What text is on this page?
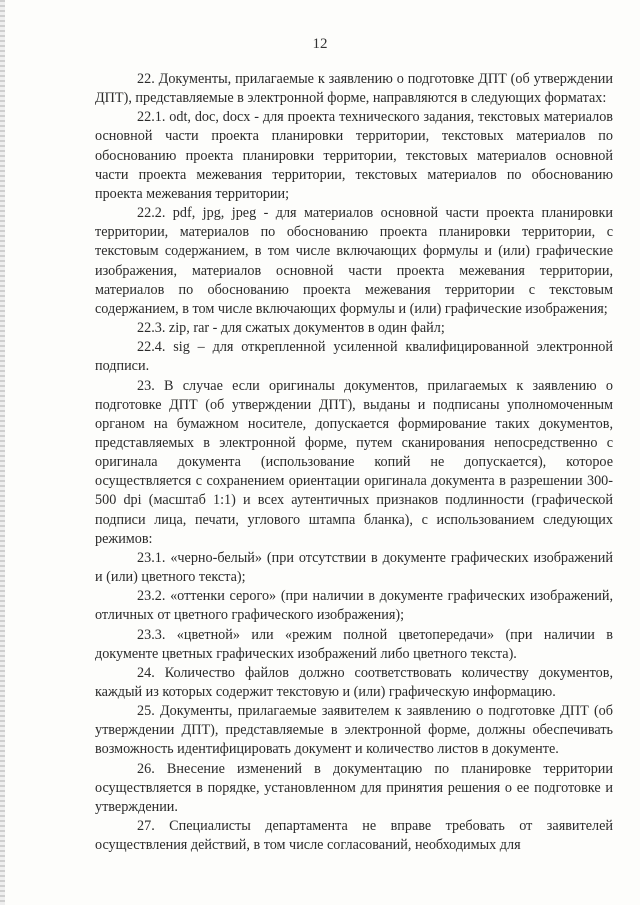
12

22. Документы, прилагаемые к заявлению о подготовке ДПТ (об утверждении ДПТ), представляемые в электронной форме, направляются в следующих форматах:

22.1. odt, doc, docx - для проекта технического задания, текстовых материалов основной части проекта планировки территории, текстовых материалов по обоснованию проекта планировки территории, текстовых материалов основной части проекта межевания территории, текстовых материалов по обоснованию проекта межевания территории;

22.2. pdf, jpg, jpeg - для материалов основной части проекта планировки территории, материалов по обоснованию проекта планировки территории, с текстовым содержанием, в том числе включающих формулы и (или) графические изображения, материалов основной части проекта межевания территории, материалов по обоснованию проекта межевания территории с текстовым содержанием, в том числе включающих формулы и (или) графические изображения;

22.3. zip, rar - для сжатых документов в один файл;

22.4. sig – для открепленной усиленной квалифицированной электронной подписи.

23. В случае если оригиналы документов, прилагаемых к заявлению о подготовке ДПТ (об утверждении ДПТ), выданы и подписаны уполномоченным органом на бумажном носителе, допускается формирование таких документов, представляемых в электронной форме, путем сканирования непосредственно с оригинала документа (использование копий не допускается), которое осуществляется с сохранением ориентации оригинала документа в разрешении 300-500 dpi (масштаб 1:1) и всех аутентичных признаков подлинности (графической подписи лица, печати, углового штампа бланка), с использованием следующих режимов:

23.1. «черно-белый» (при отсутствии в документе графических изображений и (или) цветного текста);

23.2. «оттенки серого» (при наличии в документе графических изображений, отличных от цветного графического изображения);

23.3. «цветной» или «режим полной цветопередачи» (при наличии в документе цветных графических изображений либо цветного текста).

24. Количество файлов должно соответствовать количеству документов, каждый из которых содержит текстовую и (или) графическую информацию.

25. Документы, прилагаемые заявителем к заявлению о подготовке ДПТ (об утверждении ДПТ), представляемые в электронной форме, должны обеспечивать возможность идентифицировать документ и количество листов в документе.

26. Внесение изменений в документацию по планировке территории осуществляется в порядке, установленном для принятия решения о ее подготовке и утверждении.

27. Специалисты департамента не вправе требовать от заявителей осуществления действий, в том числе согласований, необходимых для
